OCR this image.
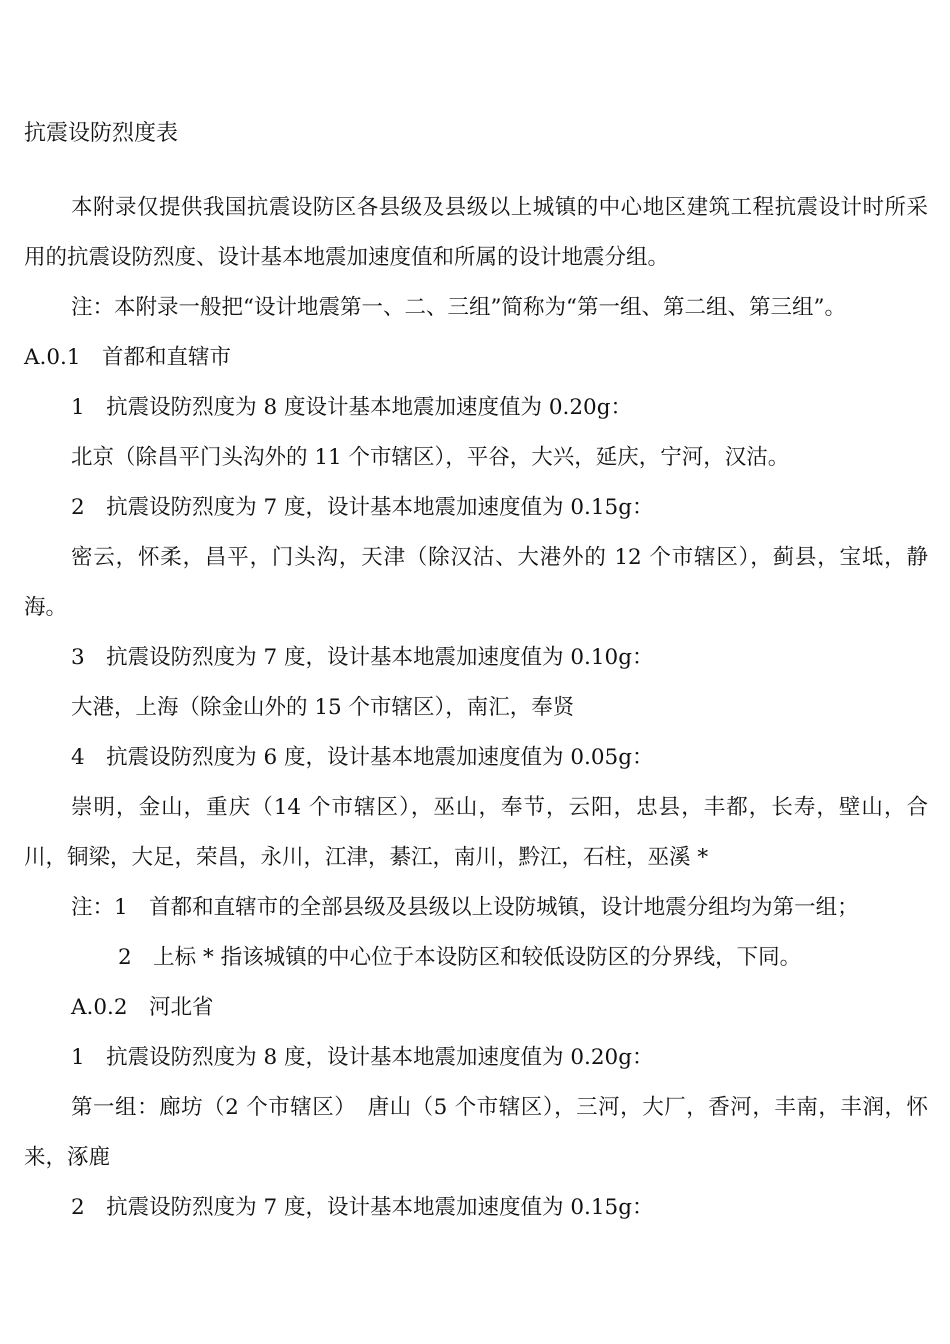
抗震设防烈度表
本附录仅提供我国抗震设防区各县级及县级以上城镇的中心地区建筑工程抗震设计时所采用的抗震设防烈度、设计基本地震加速度值和所属的设计地震分组。
注：本附录一般把“设计地震第一、二、三组”简称为“第一组、第二组、第三组”。
A.0.1　首都和直辖市
1　抗震设防烈度为 8 度设计基本地震加速度值为 0.20g：
北京（除昌平门头沟外的 11 个市辖区），平谷，大兴，延庆，宁河，汉沽。
2　抗震设防烈度为 7 度，设计基本地震加速度值为 0.15g：
密云，怀柔，昌平，门头沟，天津（除汉沽、大港外的 12 个市辖区），蓟县，宝坻，静海。
3　抗震设防烈度为 7 度，设计基本地震加速度值为 0.10g：
大港，上海（除金山外的 15 个市辖区），南汇，奉贤
4　抗震设防烈度为 6 度，设计基本地震加速度值为 0.05g：
崇明，金山，重庆（14 个市辖区），巫山，奉节，云阳，忠县，丰都，长寿，壁山，合川，铜梁，大足，荣昌，永川，江津，綦江，南川，黔江，石柱，巫溪 *
注：1　首都和直辖市的全部县级及县级以上设防城镇，设计地震分组均为第一组；
2　上标 * 指该城镇的中心位于本设防区和较低设防区的分界线，下同。
A.0.2　河北省
1　抗震设防烈度为 8 度，设计基本地震加速度值为 0.20g：
第一组：廊坊（2 个市辖区）　唐山（5 个市辖区），三河，大厂，香河，丰南，丰润，怀来，涿鹿
2　抗震设防烈度为 7 度，设计基本地震加速度值为 0.15g：
